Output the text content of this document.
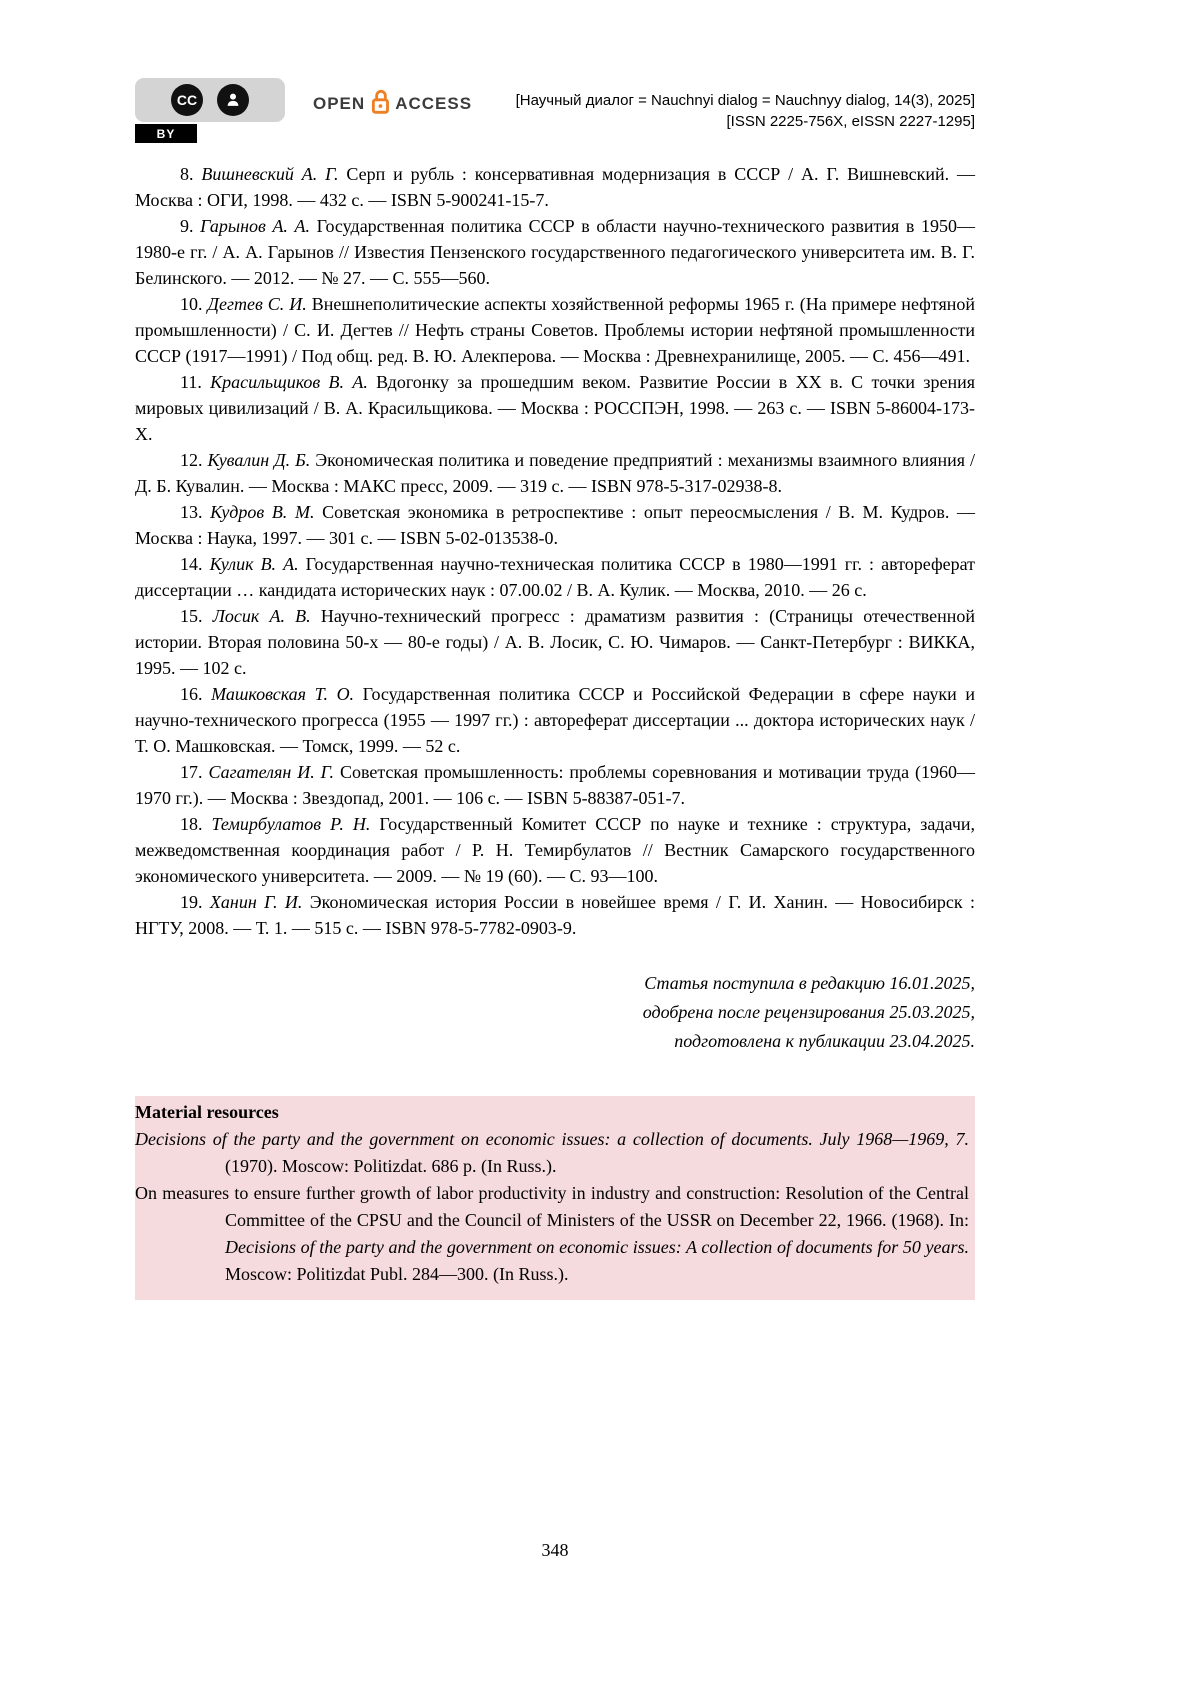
CC
BY
OPEN ACCESS	[Научный диалог = Nauchnyi dialog = Nauchnyy dialog, 14(3), 2025]
[ISSN 2225-756X, eISSN 2227-1295]

8. Вишневский А. Г. Серп и рубль : консервативная модернизация в СССР / А. Г. Вишневский. — Москва : ОГИ, 1998. — 432 с. — ISBN 5-900241-15-7.

9. Гарынов А. А. Государственная политика СССР в области научно-технического развития в 1950—1980-е гг. / А. А. Гарынов // Известия Пензенского государственного педагогического университета им. В. Г. Белинского. — 2012. — № 27. — С. 555—560.

10. Дегтев С. И. Внешнеполитические аспекты хозяйственной реформы 1965 г. (На примере нефтяной промышленности) / С. И. Дегтев // Нефть страны Советов. Проблемы истории нефтяной промышленности СССР (1917—1991) / Под общ. ред. В. Ю. Алекперова. — Москва : Древнехранилище, 2005. — С. 456—491.

11. Красильщиков В. А. Вдогонку за прошедшим веком. Развитие России в XX в. С точки зрения мировых цивилизаций / В. А. Красильщикова. — Москва : РОССПЭН, 1998. — 263 с. — ISBN 5-86004-173-X.

12. Кувалин Д. Б. Экономическая политика и поведение предприятий : механизмы взаимного влияния / Д. Б. Кувалин. — Москва : МАКС пресс, 2009. — 319 с. — ISBN 978-5-317-02938-8.

13. Кудров В. М. Советская экономика в ретроспективе : опыт переосмысления / В. М. Кудров. — Москва : Наука, 1997. — 301 с. — ISBN 5-02-013538-0.

14. Кулик В. А. Государственная научно-техническая политика СССР в 1980—1991 гг. : автореферат диссертации … кандидата исторических наук : 07.00.02 / В. А. Кулик. — Москва, 2010. — 26 с.

15. Лосик А. В. Научно-технический прогресс : драматизм развития : (Страницы отечественной истории. Вторая половина 50-х — 80-е годы) / А. В. Лосик, С. Ю. Чимаров. — Санкт-Петербург : ВИККА, 1995. — 102 с.

16. Машковская Т. О. Государственная политика СССР и Российской Федерации в сфере науки и научно-технического прогресса (1955 — 1997 гг.) : автореферат диссертации ... доктора исторических наук / Т. О. Машковская. — Томск, 1999. — 52 с.

17. Сагателян И. Г. Советская промышленность: проблемы соревнования и мотивации труда (1960—1970 гг.). — Москва : Звездопад, 2001. — 106 с. — ISBN 5-88387-051-7.

18. Темирбулатов Р. Н. Государственный Комитет СССР по науке и технике : структура, задачи, межведомственная координация работ / Р. Н. Темирбулатов // Вестник Самарского государственного экономического университета. — 2009. — № 19 (60). — С. 93—100.

19. Ханин Г. И. Экономическая история России в новейшее время / Г. И. Ханин. — Новосибирск : НГТУ, 2008. — Т. 1. — 515 с. — ISBN 978-5-7782-0903-9.

Статья поступила в редакцию 16.01.2025,
одобрена после рецензирования 25.03.2025,
подготовлена к публикации 23.04.2025.
Material resources

Decisions of the party and the government on economic issues: a collection of documents. July 1968—1969, 7. (1970). Moscow: Politizdat. 686 p. (In Russ.).

On measures to ensure further growth of labor productivity in industry and construction: Resolution of the Central Committee of the CPSU and the Council of Ministers of the USSR on December 22, 1966. (1968). In: Decisions of the party and the government on economic issues: A collection of documents for 50 years. Moscow: Politizdat Publ. 284—300. (In Russ.).

348
